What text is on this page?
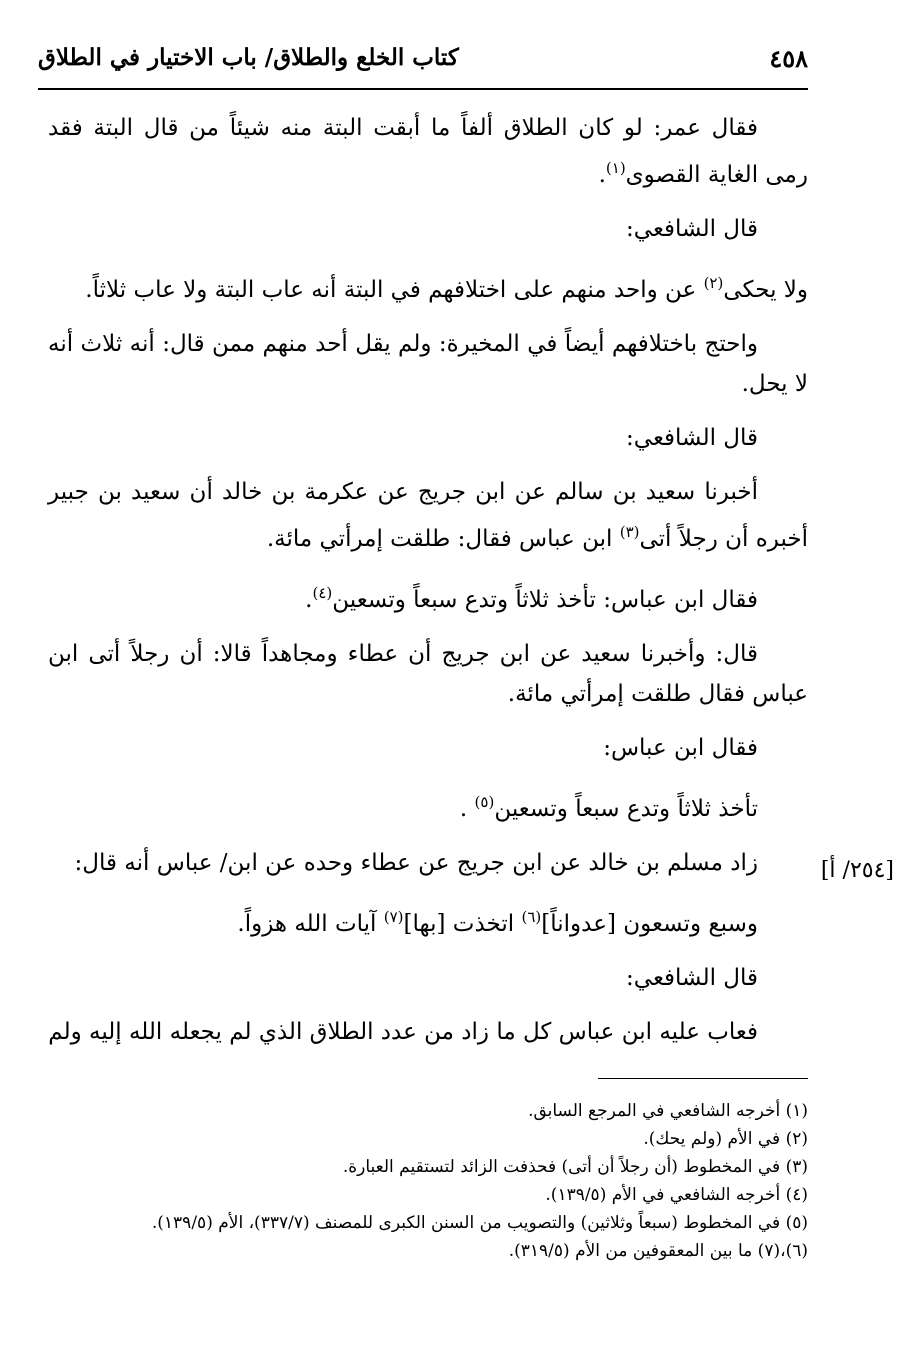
٤٥٨
كتاب الخلع والطلاق/ باب الاختيار في الطلاق
[٢٥٤/ أ]

فقال عمر: لو كان الطلاق ألفاً ما أبقت البتة منه شيئاً من قال البتة فقد رمى الغاية القصوى$^{(١)}$.

قال الشافعي:

ولا يحكى$^{(٢)}$ عن واحد منهم على اختلافهم في البتة أنه عاب البتة ولا عاب ثلاثاً.

واحتج باختلافهم أيضاً في المخيرة: ولم يقل أحد منهم ممن قال: أنه ثلاث أنه لا يحل.

قال الشافعي:

أخبرنا سعيد بن سالم عن ابن جريج عن عكرمة بن خالد أن سعيد بن جبير أخبره أن رجلاً أتى$^{(٣)}$ ابن عباس فقال: طلقت إمرأتي مائة.

فقال ابن عباس: تأخذ ثلاثاً وتدع سبعاً وتسعين$^{(٤)}$.

قال: وأخبرنا سعيد عن ابن جريج أن عطاء ومجاهداً قالا: أن رجلاً أتى ابن عباس فقال طلقت إمرأتي مائة.

فقال ابن عباس:

تأخذ ثلاثاً وتدع سبعاً وتسعين$^{(٥)}$ .

زاد مسلم بن خالد عن ابن جريج عن عطاء وحده عن ابن/ عباس أنه قال:

وسبع وتسعون [عدواناً]$^{(٦)}$ اتخذت [بها]$^{(٧)}$ آيات الله هزواً.

قال الشافعي:

فعاب عليه ابن عباس كل ما زاد من عدد الطلاق الذي لم يجعله الله إليه ولم

(١) أخرجه الشافعي في المرجع السابق.

(٢) في الأم (ولم يحك).

(٣) في المخطوط (أن رجلاً أن أتى) فحذفت الزائد لتستقيم العبارة.

(٤) أخرجه الشافعي في الأم (١٣٩/٥).

(٥) في المخطوط (سبعاً وثلاثين) والتصويب من السنن الكبرى للمصنف (٣٣٧/٧)، الأم (١٣٩/٥).

(٦)،(٧) ما بين المعقوفين من الأم (٣١٩/٥).
